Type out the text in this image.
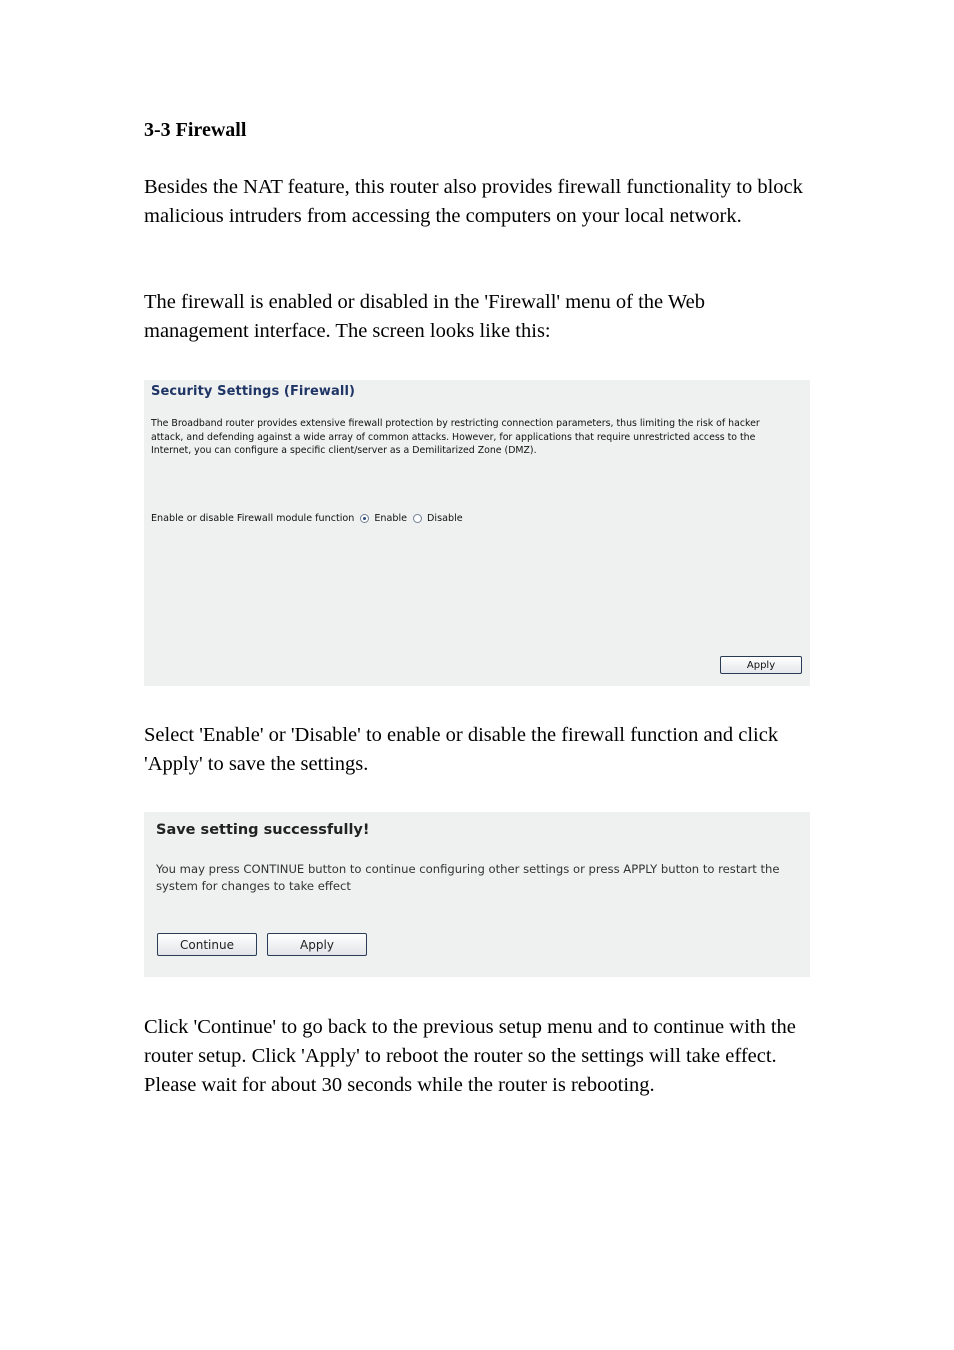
3-3 Firewall

Besides the NAT feature, this router also provides firewall functionality to block malicious intruders from accessing the computers on your local network.

The firewall is enabled or disabled in the 'Firewall' menu of the Web management interface. The screen looks like this:

Security Settings (Firewall)
The Broadband router provides extensive firewall protection by restricting connection parameters, thus limiting the risk of hacker attack, and defending against a wide array of common attacks. However, for applications that require unrestricted access to the Internet, you can configure a specific client/server as a Demilitarized Zone (DMZ).
Enable or disable Firewall module function Enable Disable
Apply

Select 'Enable' or 'Disable' to enable or disable the firewall function and click 'Apply' to save the settings.

Save setting successfully!
You may press CONTINUE button to continue configuring other settings or press APPLY button to restart the system for changes to take effect
Continue	Apply

Click 'Continue' to go back to the previous setup menu and to continue with the router setup. Click 'Apply' to reboot the router so the settings will take effect. Please wait for about 30 seconds while the router is rebooting.
